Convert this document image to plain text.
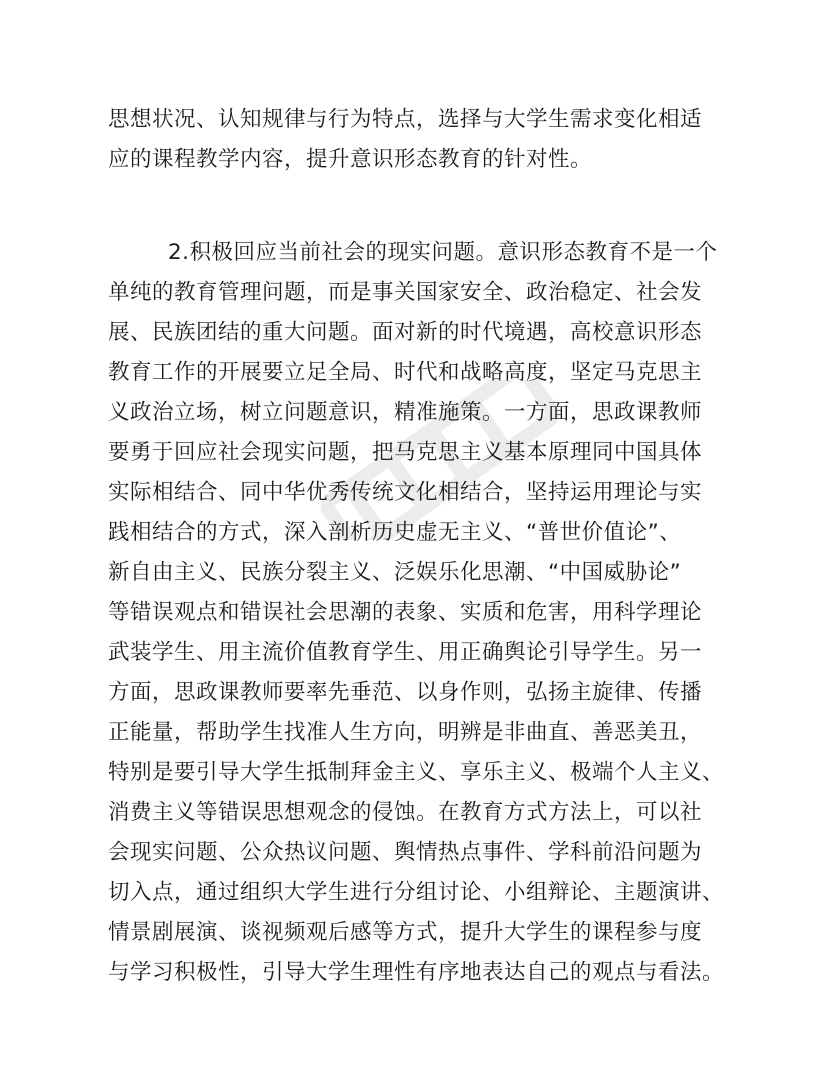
思想状况、认知规律与行为特点，选择与大学生需求变化相适
应的课程教学内容，提升意识形态教育的针对性。
2.积极回应当前社会的现实问题。意识形态教育不是一个
单纯的教育管理问题，而是事关国家安全、政治稳定、社会发
展、民族团结的重大问题。面对新的时代境遇，高校意识形态
教育工作的开展要立足全局、时代和战略高度，坚定马克思主
义政治立场，树立问题意识，精准施策。一方面，思政课教师
要勇于回应社会现实问题，把马克思主义基本原理同中国具体
实际相结合、同中华优秀传统文化相结合，坚持运用理论与实
践相结合的方式，深入剖析历史虚无主义、“普世价值论”、
新自由主义、民族分裂主义、泛娱乐化思潮、“中国威胁论”
等错误观点和错误社会思潮的表象、实质和危害，用科学理论
武装学生、用主流价值教育学生、用正确舆论引导学生。另一
方面，思政课教师要率先垂范、以身作则，弘扬主旋律、传播
正能量，帮助学生找准人生方向，明辨是非曲直、善恶美丑，
特别是要引导大学生抵制拜金主义、享乐主义、极端个人主义、
消费主义等错误思想观念的侵蚀。在教育方式方法上，可以社
会现实问题、公众热议问题、舆情热点事件、学科前沿问题为
切入点，通过组织大学生进行分组讨论、小组辩论、主题演讲、
情景剧展演、谈视频观后感等方式，提升大学生的课程参与度
与学习积极性，引导大学生理性有序地表达自己的观点与看法。
